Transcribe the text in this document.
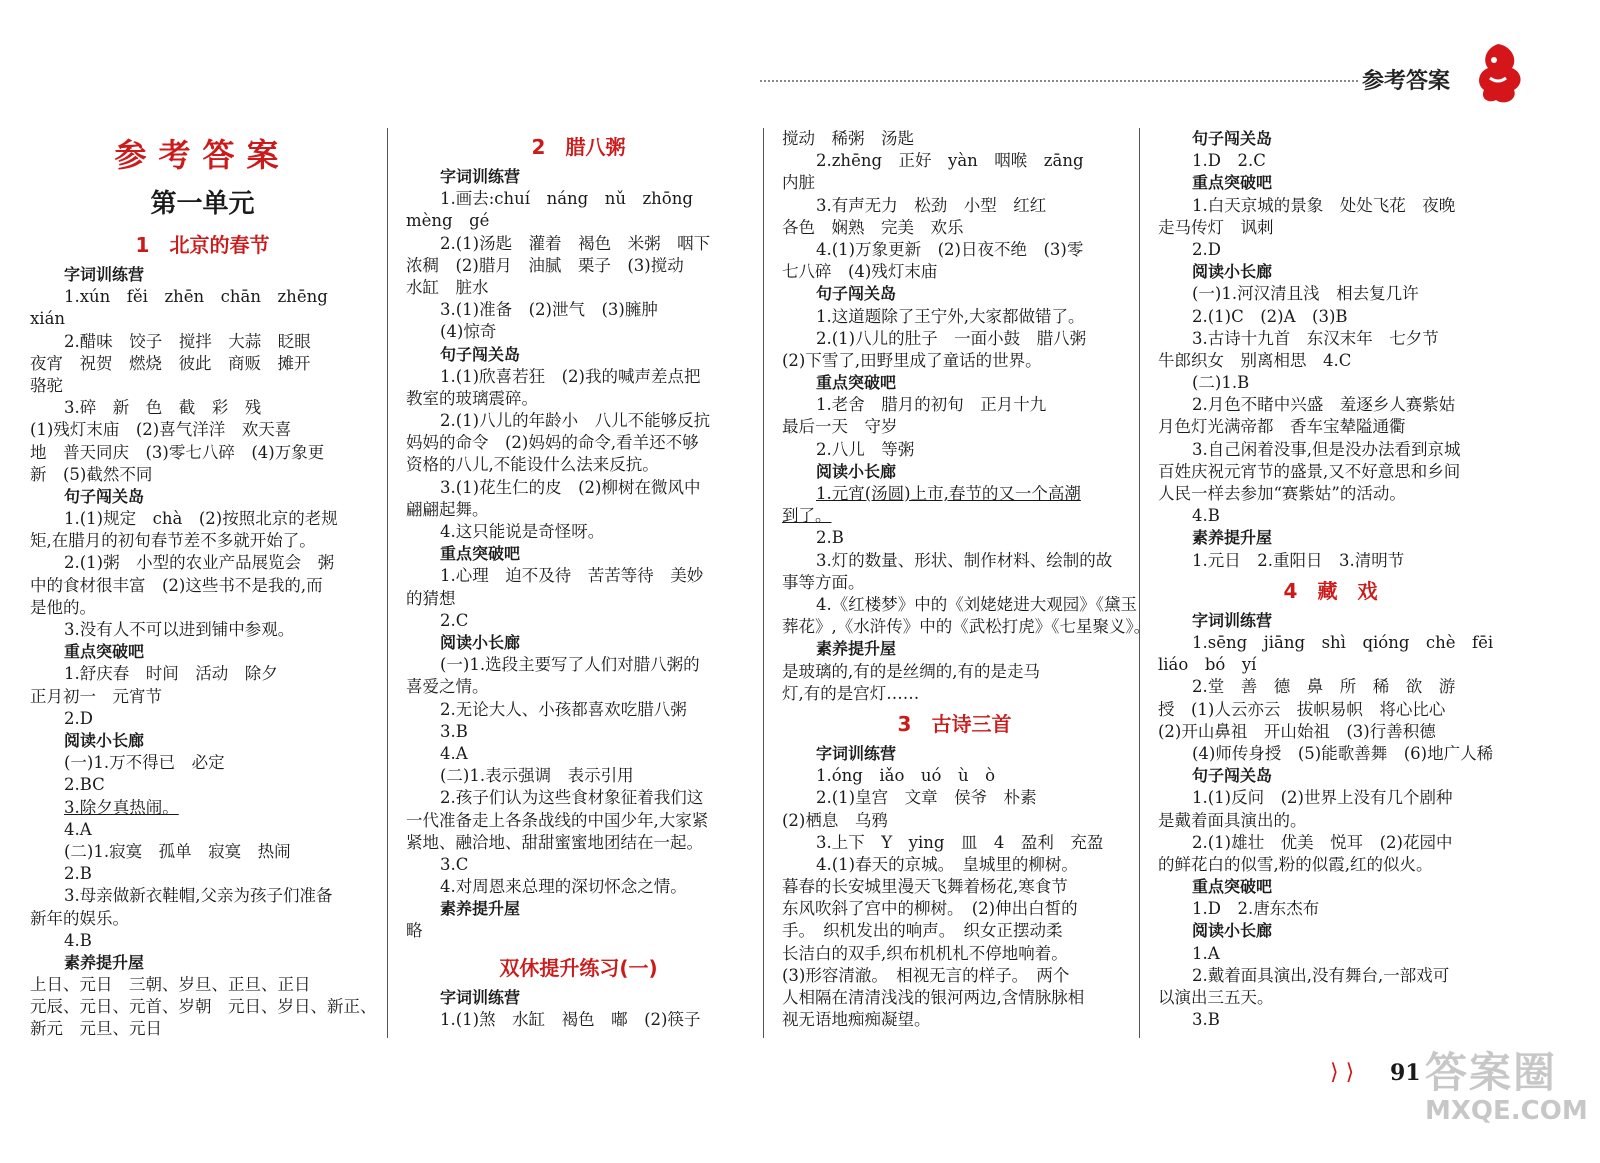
参考答案
参考答案
第一单元
1　北京的春节
字词训练营
1.xún　fěi　zhēn　chān　zhēng
xián
2.醋味　饺子　搅拌　大蒜　眨眼
夜宵　祝贺　燃烧　彼此　商贩　摊开
骆驼
3.碎　新　色　截　彩　残
(1)残灯末庙　(2)喜气洋洋　欢天喜
地　普天同庆　(3)零七八碎　(4)万象更
新　(5)截然不同
句子闯关岛
1.(1)规定　chà　(2)按照北京的老规
矩,在腊月的初旬春节差不多就开始了。
2.(1)粥　小型的农业产品展览会　粥
中的食材很丰富　(2)这些书不是我的,而
是他的。
3.没有人不可以进到铺中参观。
重点突破吧
1.舒庆春　时间　活动　除夕
正月初一　元宵节
2.D
阅读小长廊
(一)1.万不得已　必定
2.BC
3.除夕真热闹。
4.A
(二)1.寂寞　孤单　寂寞　热闹
2.B
3.母亲做新衣鞋帽,父亲为孩子们准备
新年的娱乐。
4.B
素养提升屋
上日、元日　三朝、岁旦、正旦、正日
元辰、元日、元首、岁朝　元日、岁日、新正、
新元　元旦、元日
2　腊八粥
字词训练营
1.画去:chuí　náng　nǔ　zhōng
mèng　gé
2.(1)汤匙　灌着　褐色　米粥　咽下
浓稠　(2)腊月　油腻　栗子　(3)搅动
水缸　脏水
3.(1)准备　(2)泄气　(3)臃肿
(4)惊奇
句子闯关岛
1.(1)欣喜若狂　(2)我的喊声差点把
教室的玻璃震碎。
2.(1)八儿的年龄小　八儿不能够反抗
妈妈的命令　(2)妈妈的命令,看羊还不够
资格的八儿,不能设什么法来反抗。
3.(1)花生仁的皮　(2)柳树在微风中
翩翩起舞。
4.这只能说是奇怪呀。
重点突破吧
1.心理　迫不及待　苦苦等待　美妙
的猜想
2.C
阅读小长廊
(一)1.选段主要写了人们对腊八粥的
喜爱之情。
2.无论大人、小孩都喜欢吃腊八粥
3.B
4.A
(二)1.表示强调　表示引用
2.孩子们认为这些食材象征着我们这
一代准备走上各条战线的中国少年,大家紧
紧地、融洽地、甜甜蜜蜜地团结在一起。
3.C
4.对周恩来总理的深切怀念之情。
素养提升屋
略
双休提升练习(一)
字词训练营
1.(1)煞　水缸　褐色　嘟　(2)筷子
搅动　稀粥　汤匙
2.zhēng　正好　yàn　咽喉　zāng
内脏
3.有声无力　松劲　小型　红红
各色　娴熟　完美　欢乐
4.(1)万象更新　(2)日夜不绝　(3)零
七八碎　(4)残灯末庙
句子闯关岛
1.这道题除了王宁外,大家都做错了。
2.(1)八儿的肚子　一面小鼓　腊八粥
(2)下雪了,田野里成了童话的世界。
重点突破吧
1.老舍　腊月的初旬　正月十九
最后一天　守岁
2.八儿　等粥
阅读小长廊
1.元宵(汤圆)上市,春节的又一个高潮
到了。
2.B
3.灯的数量、形状、制作材料、绘制的故
事等方面。
4.《红楼梦》中的《刘姥姥进大观园》《黛玉
葬花》,《水浒传》中的《武松打虎》《七星聚义》。
素养提升屋
是玻璃的,有的是丝绸的,有的是走马
灯,有的是宫灯……
3　古诗三首
字词训练营
1.óng　iǎo　uó　ù　ò
2.(1)皇宫　文章　侯爷　朴素
(2)栖息　乌鸦
3.上下　Y　ying　皿　4　盈利　充盈
4.(1)春天的京城。　皇城里的柳树。
暮春的长安城里漫天飞舞着杨花,寒食节
东风吹斜了宫中的柳树。　(2)伸出白皙的
手。　织机发出的响声。　织女正摆动柔
长洁白的双手,织布机机札不停地响着。
(3)形容清澈。　相视无言的样子。　两个
人相隔在清清浅浅的银河两边,含情脉脉相
视无语地痴痴凝望。
句子闯关岛
1.D　2.C
重点突破吧
1.白天京城的景象　处处飞花　夜晚
走马传灯　讽刺
2.D
阅读小长廊
(一)1.河汉清且浅　相去复几许
2.(1)C　(2)A　(3)B
3.古诗十九首　东汉末年　七夕节
牛郎织女　别离相思　4.C
(二)1.B
2.月色不睹中兴盛　羞逐乡人赛紫姑
月色灯光满帝都　香车宝辇隘通衢
3.自己闲着没事,但是没办法看到京城
百姓庆祝元宵节的盛景,又不好意思和乡间
人民一样去参加“赛紫姑”的活动。
4.B
素养提升屋
1.元日　2.重阳日　3.清明节
4　藏　戏
字词训练营
1.sēng　jiāng　shì　qióng　chè　fēi
liáo　bó　yí
2.堂　善　德　鼻　所　稀　欲　游
授　(1)人云亦云　拔帜易帜　将心比心
(2)开山鼻祖　开山始祖　(3)行善积德
(4)师传身授　(5)能歌善舞　(6)地广人稀
句子闯关岛
1.(1)反问　(2)世界上没有几个剧种
是戴着面具演出的。
2.(1)雄壮　优美　悦耳　(2)花园中
的鲜花白的似雪,粉的似霞,红的似火。
重点突破吧
1.D　2.唐东杰布
阅读小长廊
1.A
2.戴着面具演出,没有舞台,一部戏可
以演出三五天。
3.B
⟩ ⟩ 91 答案圈
MXQE.COM
